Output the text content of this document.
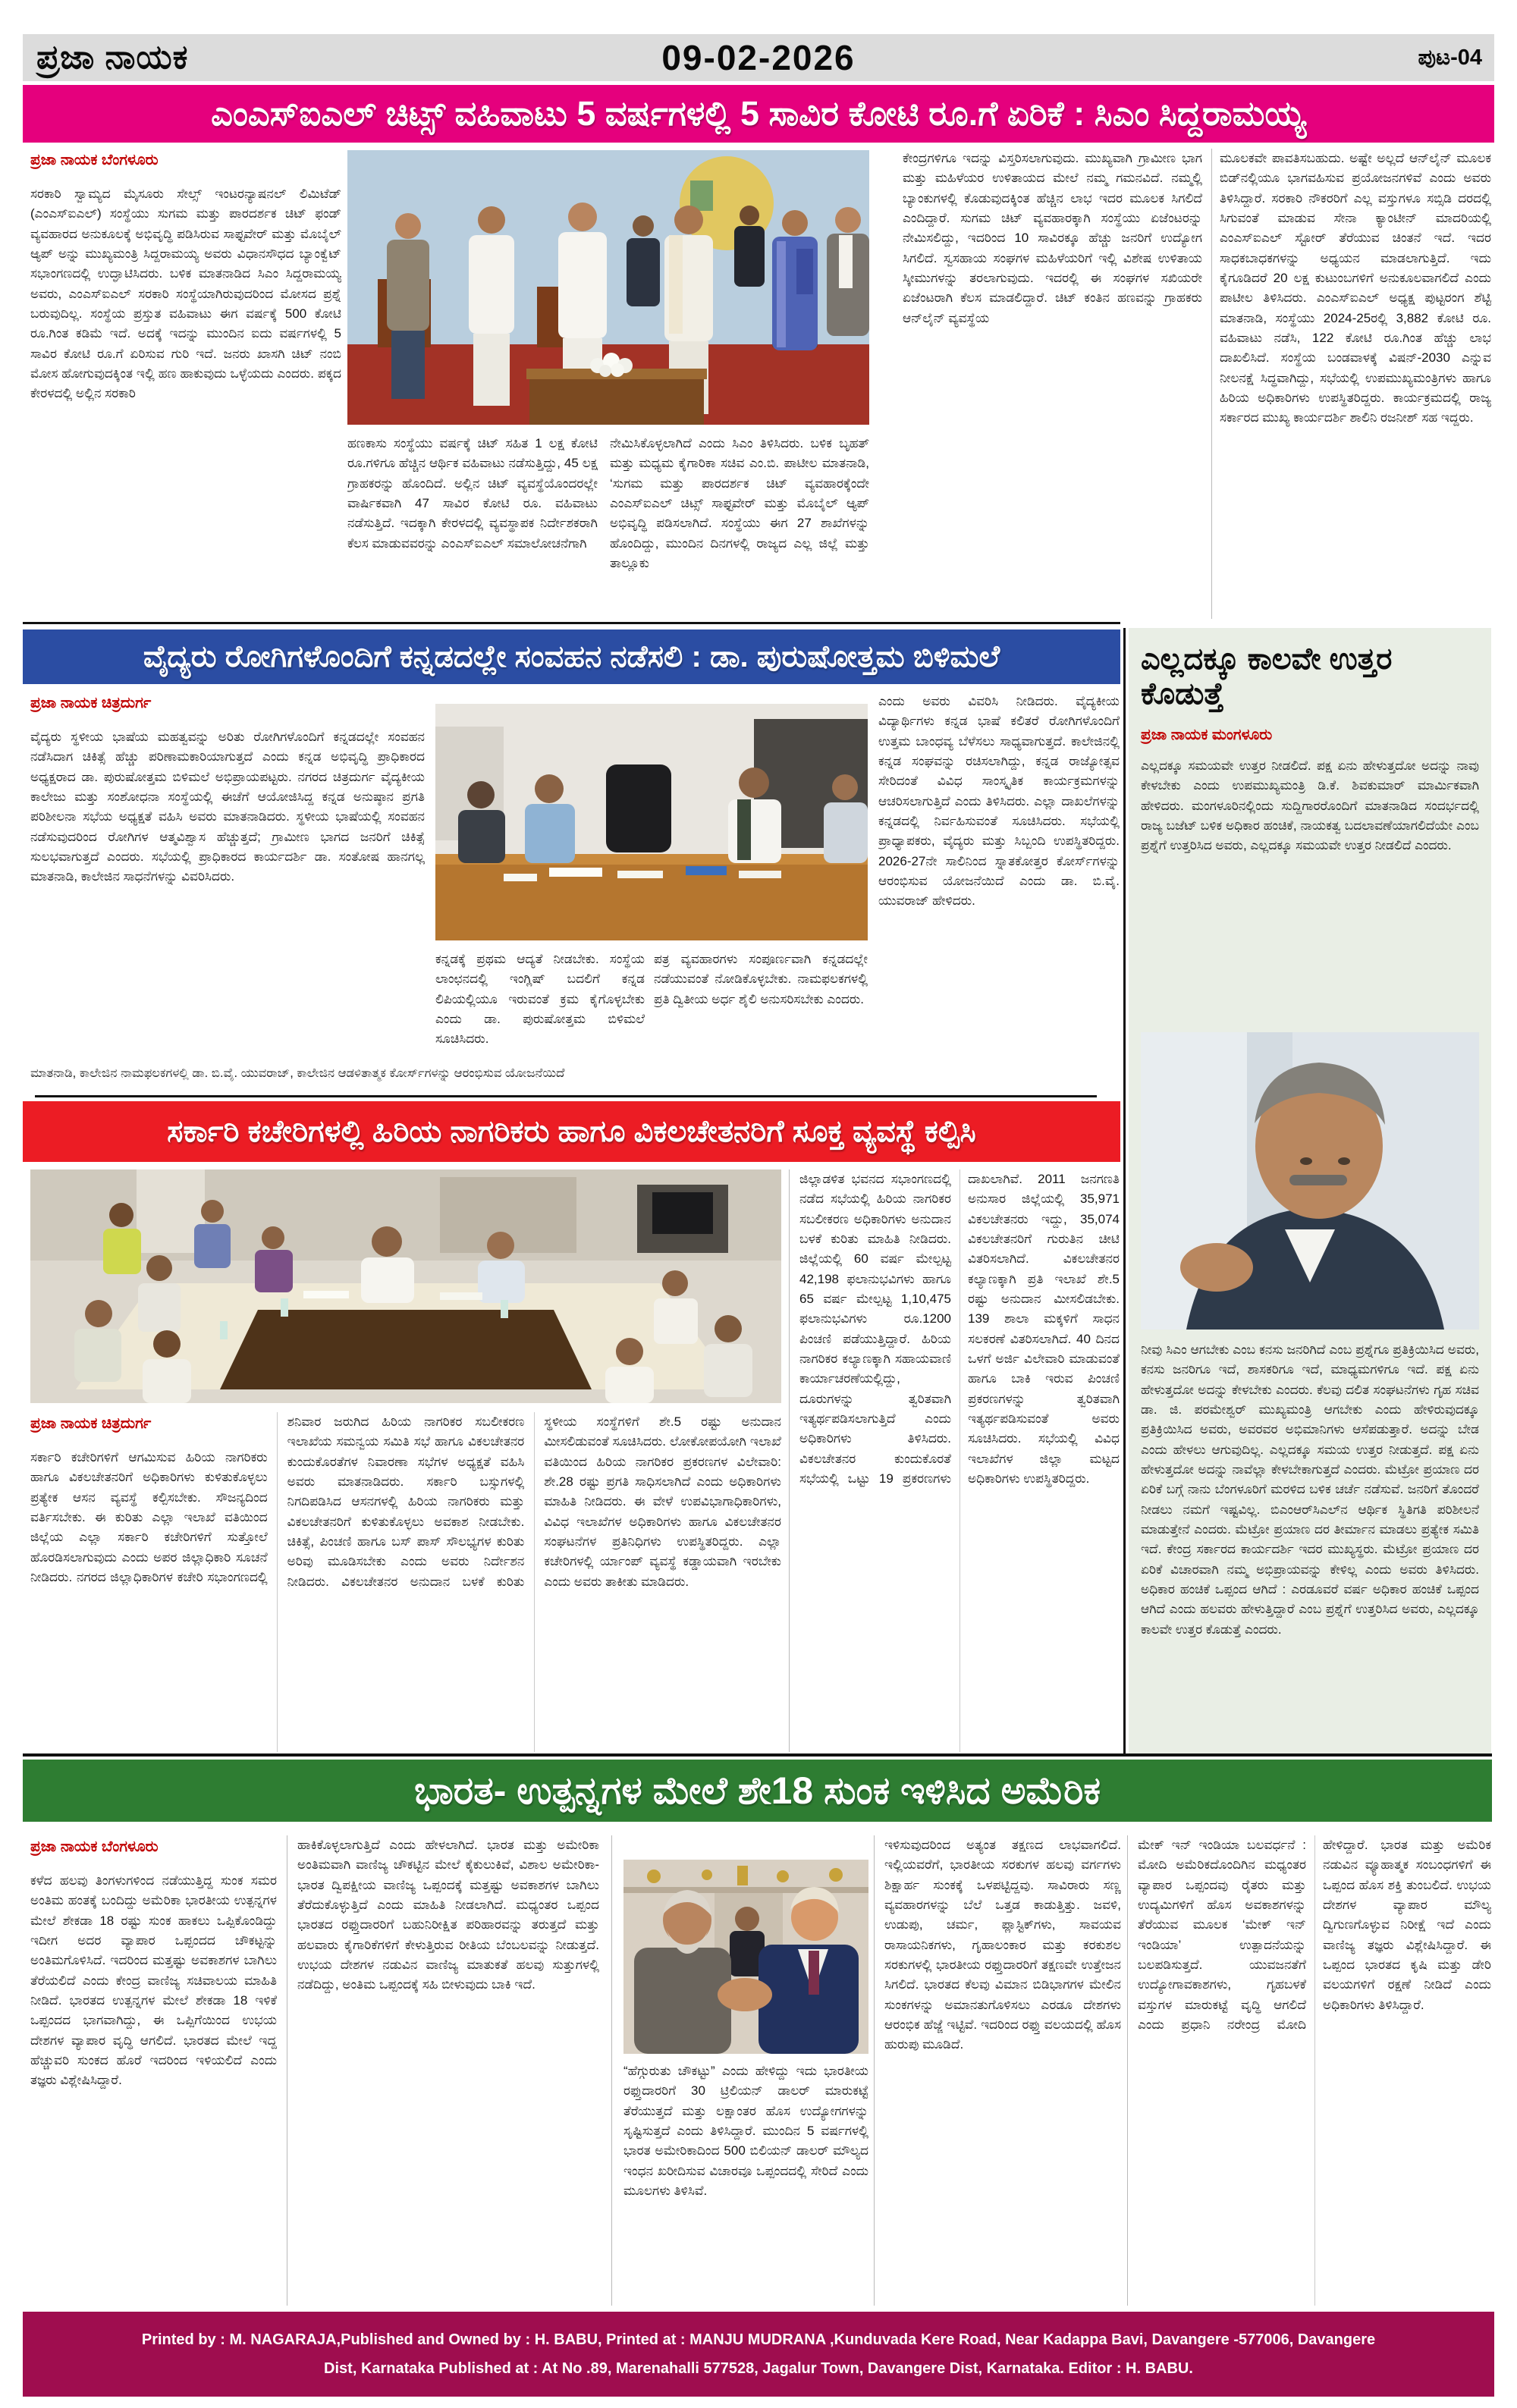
ಪ್ರಜಾ ನಾಯಕ	09-02-2026	ಪುಟ-04
ಎಂಎಸ್‌ಐಎಲ್ ಚಿಟ್ಸ್ ವಹಿವಾಟು 5 ವರ್ಷಗಳಲ್ಲಿ 5 ಸಾವಿರ ಕೋಟಿ ರೂ.ಗೆ ಏರಿಕೆ : ಸಿಎಂ ಸಿದ್ದರಾಮಯ್ಯ
ಪ್ರಜಾ ನಾಯಕ ಬೆಂಗಳೂರು
ಸರಕಾರಿ ಸ್ವಾಮ್ಯದ ಮೈಸೂರು ಸೇಲ್ಸ್ ಇಂಟರನ್ಯಾಷನಲ್ ಲಿಮಿಟೆಡ್ (ಎಂಎಸ್‌ಐಎಲ್) ಸಂಸ್ಥೆಯು ಸುಗಮ ಮತ್ತು ಪಾರದರ್ಶಕ ಚಿಟ್ ಫಂಡ್ ವ್ಯವಹಾರದ ಅನುಕೂಲಕ್ಕೆ ಅಭಿವೃದ್ಧಿ ಪಡಿಸಿರುವ ಸಾಫ್ಟವೇರ್ ಮತ್ತು ಮೊಬೈಲ್ ಆ್ಯಪ್ ಅನ್ನು ಮುಖ್ಯಮಂತ್ರಿ ಸಿದ್ದರಾಮಯ್ಯ ಅವರು ವಿಧಾನಸೌಧದ ಬ್ಯಾಂಕ್ವೆಟ್ ಸಭಾಂಗಣದಲ್ಲಿ ಉದ್ಘಾಟಿಸಿದರು. ಬಳಿಕ ಮಾತನಾಡಿದ ಸಿಎಂ ಸಿದ್ದರಾಮಯ್ಯ ಅವರು, ಎಂಎಸ್‌ಐಎಲ್ ಸರಕಾರಿ ಸಂಸ್ಥೆಯಾಗಿರುವುದರಿಂದ ಮೋಸದ ಪ್ರಶ್ನೆ ಬರುವುದಿಲ್ಲ. ಸಂಸ್ಥೆಯ ಪ್ರಸ್ತುತ ವಹಿವಾಟು ಈಗ ವರ್ಷಕ್ಕೆ 500 ಕೋಟಿ ರೂ.ಗಿಂತ ಕಡಿಮೆ ಇದೆ. ಅದಕ್ಕೆ ಇದನ್ನು ಮುಂದಿನ ಐದು ವರ್ಷಗಳಲ್ಲಿ 5 ಸಾವಿರ ಕೋಟಿ ರೂ.ಗೆ ಏರಿಸುವ ಗುರಿ ಇದೆ. ಜನರು ಖಾಸಗಿ ಚಿಟ್ ನಂಬಿ ಮೋಸ ಹೋಗುವುದಕ್ಕಿಂತ ಇಲ್ಲಿ ಹಣ ಹಾಕುವುದು ಒಳ್ಳೆಯದು ಎಂದರು. ಪಕ್ಕದ ಕೇರಳದಲ್ಲಿ ಅಲ್ಲಿನ ಸರಕಾರಿ
ಹಣಕಾಸು ಸಂಸ್ಥೆಯು ವರ್ಷಕ್ಕೆ ಚಿಟ್ ಸಹಿತ 1 ಲಕ್ಷ ಕೋಟಿ ರೂ.ಗಳಿಗೂ ಹೆಚ್ಚಿನ ಆರ್ಥಿಕ ವಹಿವಾಟು ನಡೆಸುತ್ತಿದ್ದು, 45 ಲಕ್ಷ ಗ್ರಾಹಕರನ್ನು ಹೊಂದಿದೆ. ಅಲ್ಲಿನ ಚಿಟ್ ವ್ಯವಸ್ಥೆಯೊಂದರಲ್ಲೇ ವಾರ್ಷಿಕವಾಗಿ 47 ಸಾವಿರ ಕೋಟಿ ರೂ. ವಹಿವಾಟು ನಡೆಸುತ್ತಿದೆ. ಇದಕ್ಕಾಗಿ ಕೇರಳದಲ್ಲಿ ವ್ಯವಸ್ಥಾಪಕ ನಿರ್ದೇಶಕರಾಗಿ ಕೆಲಸ ಮಾಡುವವರನ್ನು ಎಂಎಸ್‌ಐಎಲ್ ಸಮಾಲೋಚನೆಗಾಗಿ
ನೇಮಿಸಿಕೊಳ್ಳಲಾಗಿದೆ ಎಂದು ಸಿಎಂ ತಿಳಿಸಿದರು. ಬಳಿಕ ಬೃಹತ್ ಮತ್ತು ಮಧ್ಯಮ ಕೈಗಾರಿಕಾ ಸಚಿವ ಎಂ.ಬಿ. ಪಾಟೀಲ ಮಾತನಾಡಿ, ‘ಸುಗಮ ಮತ್ತು ಪಾರದರ್ಶಕ ಚಿಟ್ ವ್ಯವಹಾರಕ್ಕೆಂದೇ ಎಂಎಸ್‌ಐಎಲ್ ಚಿಟ್ಸ್ ಸಾಫ್ಟವೇರ್ ಮತ್ತು ಮೊಬೈಲ್ ಆ್ಯಪ್ ಅಭಿವೃದ್ಧಿ ಪಡಿಸಲಾಗಿದೆ. ಸಂಸ್ಥೆಯು ಈಗ 27 ಶಾಖೆಗಳನ್ನು ಹೊಂದಿದ್ದು, ಮುಂದಿನ ದಿನಗಳಲ್ಲಿ ರಾಜ್ಯದ ಎಲ್ಲ ಜಿಲ್ಲೆ ಮತ್ತು ತಾಲ್ಲೂಕು
ಕೇಂದ್ರಗಳಿಗೂ ಇದನ್ನು ವಿಸ್ತರಿಸಲಾಗುವುದು. ಮುಖ್ಯವಾಗಿ ಗ್ರಾಮೀಣ ಭಾಗ ಮತ್ತು ಮಹಿಳೆಯರ ಉಳಿತಾಯದ ಮೇಲೆ ನಮ್ಮ ಗಮನವಿದೆ. ನಮ್ಮಲ್ಲಿ ಬ್ಯಾಂಕುಗಳಲ್ಲಿ ಕೊಡುವುದಕ್ಕಿಂತ ಹೆಚ್ಚಿನ ಲಾಭ ಇದರ ಮೂಲಕ ಸಿಗಲಿದೆ ಎಂದಿದ್ದಾರೆ. ಸುಗಮ ಚಿಟ್ ವ್ಯವಹಾರಕ್ಕಾಗಿ ಸಂಸ್ಥೆಯು ಏಜೆಂಟರನ್ನು ನೇಮಿಸಲಿದ್ದು, ಇದರಿಂದ 10 ಸಾವಿರಕ್ಕೂ ಹೆಚ್ಚು ಜನರಿಗೆ ಉದ್ಯೋಗ ಸಿಗಲಿದೆ. ಸ್ವಸಹಾಯ ಸಂಘಗಳ ಮಹಿಳೆಯರಿಗೆ ಇಲ್ಲಿ ವಿಶೇಷ ಉಳಿತಾಯ ಸ್ಕೀಮುಗಳನ್ನು ತರಲಾಗುವುದು. ಇದರಲ್ಲಿ ಈ ಸಂಘಗಳ ಸಖಿಯರೇ ಏಜೆಂಟರಾಗಿ ಕೆಲಸ ಮಾಡಲಿದ್ದಾರೆ. ಚಿಟ್ ಕಂತಿನ ಹಣವನ್ನು ಗ್ರಾಹಕರು ಆನ್‌ಲೈನ್ ವ್ಯವಸ್ಥೆಯ
ಮೂಲಕವೇ ಪಾವತಿಸಬಹುದು. ಅಷ್ಟೇ ಅಲ್ಲದೆ ಆನ್‌ಲೈನ್ ಮೂಲಕ ಬಿಡ್‌ನಲ್ಲಿಯೂ ಭಾಗವಹಿಸುವ ಪ್ರಯೋಜನಗಳಿವೆ ಎಂದು ಅವರು ತಿಳಿಸಿದ್ದಾರೆ. ಸರಕಾರಿ ನೌಕರರಿಗೆ ಎಲ್ಲ ವಸ್ತುಗಳೂ ಸಬ್ಸಿಡಿ ದರದಲ್ಲಿ ಸಿಗುವಂತೆ ಮಾಡುವ ಸೇನಾ ಕ್ಯಾಂಟೀನ್ ಮಾದರಿಯಲ್ಲಿ ಎಂಎಸ್‌ಐಎಲ್ ಸ್ಟೋರ್ ತೆರೆಯುವ ಚಿಂತನೆ ಇದೆ. ಇದರ ಸಾಧಕಬಾಧಕಗಳನ್ನು ಅಧ್ಯಯನ ಮಾಡಲಾಗುತ್ತಿದೆ. ಇದು ಕೈಗೂಡಿದರೆ 20 ಲಕ್ಷ ಕುಟುಂಬಗಳಿಗೆ ಅನುಕೂಲವಾಗಲಿದೆ ಎಂದು ಪಾಟೀಲ ತಿಳಿಸಿದರು. ಎಂಎಸ್‌ಐಎಲ್ ಅಧ್ಯಕ್ಷ ಪುಟ್ಟರಂಗ ಶೆಟ್ಟಿ ಮಾತನಾಡಿ, ಸಂಸ್ಥೆಯು 2024-25ರಲ್ಲಿ 3,882 ಕೋಟಿ ರೂ. ವಹಿವಾಟು ನಡೆಸಿ, 122 ಕೋಟಿ ರೂ.ಗಿಂತ ಹೆಚ್ಚು ಲಾಭ ದಾಖಲಿಸಿದೆ. ಸಂಸ್ಥೆಯ ಬಂಡವಾಳಕ್ಕೆ ವಿಷನ್-2030 ಎನ್ನುವ ನೀಲನಕ್ಷೆ ಸಿದ್ಧವಾಗಿದ್ದು, ಸಭೆಯಲ್ಲಿ ಉಪಮುಖ್ಯಮಂತ್ರಿಗಳು ಹಾಗೂ ಹಿರಿಯ ಅಧಿಕಾರಿಗಳು ಉಪಸ್ಥಿತರಿದ್ದರು. ಕಾರ್ಯಕ್ರಮದಲ್ಲಿ ರಾಜ್ಯ ಸರ್ಕಾರದ ಮುಖ್ಯ ಕಾರ್ಯದರ್ಶಿ ಶಾಲಿನಿ ರಜನೀಶ್ ಸಹ ಇದ್ದರು.
ವೈದ್ಯರು ರೋಗಿಗಳೊಂದಿಗೆ ಕನ್ನಡದಲ್ಲೇ ಸಂವಹನ ನಡೆಸಲಿ : ಡಾ. ಪುರುಷೋತ್ತಮ ಬಿಳಿಮಲೆ
ಪ್ರಜಾ ನಾಯಕ ಚಿತ್ರದುರ್ಗ
ವೈದ್ಯರು ಸ್ಥಳೀಯ ಭಾಷೆಯ ಮಹತ್ವವನ್ನು ಅರಿತು ರೋಗಿಗಳೊಂದಿಗೆ ಕನ್ನಡದಲ್ಲೇ ಸಂವಹನ ನಡೆಸಿದಾಗ ಚಿಕಿತ್ಸೆ ಹೆಚ್ಚು ಪರಿಣಾಮಕಾರಿಯಾಗುತ್ತದೆ ಎಂದು ಕನ್ನಡ ಅಭಿವೃದ್ಧಿ ಪ್ರಾಧಿಕಾರದ ಅಧ್ಯಕ್ಷರಾದ ಡಾ. ಪುರುಷೋತ್ತಮ ಬಿಳಿಮಲೆ ಅಭಿಪ್ರಾಯಪಟ್ಟರು. ನಗರದ ಚಿತ್ರದುರ್ಗ ವೈದ್ಯಕೀಯ ಕಾಲೇಜು ಮತ್ತು ಸಂಶೋಧನಾ ಸಂಸ್ಥೆಯಲ್ಲಿ ಈಚೆಗೆ ಆಯೋಜಿಸಿದ್ದ ಕನ್ನಡ ಅನುಷ್ಠಾನ ಪ್ರಗತಿ ಪರಿಶೀಲನಾ ಸಭೆಯ ಅಧ್ಯಕ್ಷತೆ ವಹಿಸಿ ಅವರು ಮಾತನಾಡಿದರು. ಸ್ಥಳೀಯ ಭಾಷೆಯಲ್ಲಿ ಸಂವಹನ ನಡೆಸುವುದರಿಂದ ರೋಗಿಗಳ ಆತ್ಮವಿಶ್ವಾಸ ಹೆಚ್ಚುತ್ತದೆ; ಗ್ರಾಮೀಣ ಭಾಗದ ಜನರಿಗೆ ಚಿಕಿತ್ಸೆ ಸುಲಭವಾಗುತ್ತದೆ ಎಂದರು. ಸಭೆಯಲ್ಲಿ ಪ್ರಾಧಿಕಾರದ ಕಾರ್ಯದರ್ಶಿ ಡಾ. ಸಂತೋಷ ಹಾನಗಲ್ಲ ಮಾತನಾಡಿ, ಕಾಲೇಜಿನ ಸಾಧನೆಗಳನ್ನು ವಿವರಿಸಿದರು.
ಕನ್ನಡಕ್ಕೆ ಪ್ರಥಮ ಆದ್ಯತೆ ನೀಡಬೇಕು. ಸಂಸ್ಥೆಯ ಲಾಂಛನದಲ್ಲಿ ಇಂಗ್ಲಿಷ್ ಬದಲಿಗೆ ಕನ್ನಡ ಲಿಪಿಯಲ್ಲಿಯೂ ಇರುವಂತೆ ಕ್ರಮ ಕೈಗೊಳ್ಳಬೇಕು ಎಂದು ಡಾ. ಪುರುಷೋತ್ತಮ ಬಿಳಿಮಲೆ ಸೂಚಿಸಿದರು.
ಪತ್ರ ವ್ಯವಹಾರಗಳು ಸಂಪೂರ್ಣವಾಗಿ ಕನ್ನಡದಲ್ಲೇ ನಡೆಯುವಂತೆ ನೋಡಿಕೊಳ್ಳಬೇಕು. ನಾಮಫಲಕಗಳಲ್ಲಿ ಪ್ರತಿ ದ್ವಿತೀಯ ಅರ್ಧ ಶೈಲಿ ಅನುಸರಿಸಬೇಕು ಎಂದರು.
ಎಂದು ಅವರು ವಿವರಿಸಿ ನೀಡಿದರು. ವೈದ್ಯಕೀಯ ವಿದ್ಯಾರ್ಥಿಗಳು ಕನ್ನಡ ಭಾಷೆ ಕಲಿತರೆ ರೋಗಿಗಳೊಂದಿಗೆ ಉತ್ತಮ ಬಾಂಧವ್ಯ ಬೆಳೆಸಲು ಸಾಧ್ಯವಾಗುತ್ತದೆ. ಕಾಲೇಜಿನಲ್ಲಿ ಕನ್ನಡ ಸಂಘವನ್ನು ರಚಿಸಲಾಗಿದ್ದು, ಕನ್ನಡ ರಾಜ್ಯೋತ್ಸವ ಸೇರಿದಂತೆ ವಿವಿಧ ಸಾಂಸ್ಕೃತಿಕ ಕಾರ್ಯಕ್ರಮಗಳನ್ನು ಆಚರಿಸಲಾಗುತ್ತಿದೆ ಎಂದು ತಿಳಿಸಿದರು. ಎಲ್ಲಾ ದಾಖಲೆಗಳನ್ನು ಕನ್ನಡದಲ್ಲಿ ನಿರ್ವಹಿಸುವಂತೆ ಸೂಚಿಸಿದರು. ಸಭೆಯಲ್ಲಿ ಪ್ರಾಧ್ಯಾಪಕರು, ವೈದ್ಯರು ಮತ್ತು ಸಿಬ್ಬಂದಿ ಉಪಸ್ಥಿತರಿದ್ದರು. 2026-27ನೇ ಸಾಲಿನಿಂದ ಸ್ನಾತಕೋತ್ತರ ಕೋರ್ಸ್‌ಗಳನ್ನು ಆರಂಭಿಸುವ ಯೋಜನೆಯಿದೆ ಎಂದು ಡಾ. ಬಿ.ವೈ. ಯುವರಾಜ್ ಹೇಳಿದರು.
ಮಾತನಾಡಿ, ಕಾಲೇಜಿನ ನಾಮಫಲಕಗಳಲ್ಲಿ ಡಾ. ಬಿ.ವೈ. ಯುವರಾಜ್, ಕಾಲೇಜಿನ ಆಡಳಿತಾತ್ಮಕ ಕೋರ್ಸ್‌ಗಳನ್ನು ಆರಂಭಿಸುವ ಯೋಜನೆಯಿದೆ
ಸರ್ಕಾರಿ ಕಚೇರಿಗಳಲ್ಲಿ ಹಿರಿಯ ನಾಗರಿಕರು ಹಾಗೂ ವಿಕಲಚೇತನರಿಗೆ ಸೂಕ್ತ ವ್ಯವಸ್ಥೆ ಕಲ್ಪಿಸಿ
ಪ್ರಜಾ ನಾಯಕ ಚಿತ್ರದುರ್ಗ
ಸರ್ಕಾರಿ ಕಚೇರಿಗಳಿಗೆ ಆಗಮಿಸುವ ಹಿರಿಯ ನಾಗರಿಕರು ಹಾಗೂ ವಿಕಲಚೇತನರಿಗೆ ಅಧಿಕಾರಿಗಳು ಕುಳಿತುಕೊಳ್ಳಲು ಪ್ರತ್ಯೇಕ ಆಸನ ವ್ಯವಸ್ಥೆ ಕಲ್ಪಿಸಬೇಕು. ಸೌಜನ್ಯದಿಂದ ವರ್ತಿಸಬೇಕು. ಈ ಕುರಿತು ಎಲ್ಲಾ ಇಲಾಖೆ ವತಿಯಿಂದ ಜಿಲ್ಲೆಯ ಎಲ್ಲಾ ಸರ್ಕಾರಿ ಕಚೇರಿಗಳಿಗೆ ಸುತ್ತೋಲೆ ಹೊರಡಿಸಲಾಗುವುದು ಎಂದು ಅಪರ ಜಿಲ್ಲಾಧಿಕಾರಿ ಸೂಚನೆ ನೀಡಿದರು. ನಗರದ ಜಿಲ್ಲಾಧಿಕಾರಿಗಳ ಕಚೇರಿ ಸಭಾಂಗಣದಲ್ಲಿ ಶನಿವಾರ ಜರುಗಿದ ಹಿರಿಯ ನಾಗರಿಕರ ಸಬಲೀಕರಣ ಇಲಾಖೆಯ ಸಮನ್ವಯ ಸಮಿತಿ ಸಭೆ ಹಾಗೂ ವಿಕಲಚೇತನರ ಕುಂದುಕೊರತೆಗಳ ನಿವಾರಣಾ ಸಭೆಗಳ ಅಧ್ಯಕ್ಷತೆ ವಹಿಸಿ ಅವರು ಮಾತನಾಡಿದರು. ಸರ್ಕಾರಿ ಬಸ್ಸುಗಳಲ್ಲಿ ನಿಗದಿಪಡಿಸಿದ ಆಸನಗಳಲ್ಲಿ ಹಿರಿಯ ನಾಗರಿಕರು ಮತ್ತು ವಿಕಲಚೇತನರಿಗೆ ಕುಳಿತುಕೊಳ್ಳಲು ಅವಕಾಶ ನೀಡಬೇಕು. ಚಿಕಿತ್ಸೆ, ಪಿಂಚಣಿ ಹಾಗೂ ಬಸ್ ಪಾಸ್ ಸೌಲಭ್ಯಗಳ ಕುರಿತು ಅರಿವು ಮೂಡಿಸಬೇಕು ಎಂದು ಅವರು ನಿರ್ದೇಶನ ನೀಡಿದರು. ವಿಕಲಚೇತನರ ಅನುದಾನ ಬಳಕೆ ಕುರಿತು ಸ್ಥಳೀಯ ಸಂಸ್ಥೆಗಳಿಗೆ ಶೇ.5 ರಷ್ಟು ಅನುದಾನ ಮೀಸಲಿಡುವಂತೆ ಸೂಚಿಸಿದರು. ಲೋಕೋಪಯೋಗಿ ಇಲಾಖೆ ವತಿಯಿಂದ ಹಿರಿಯ ನಾಗರಿಕರ ಪ್ರಕರಣಗಳ ವಿಲೇವಾರಿ: ಶೇ.28 ರಷ್ಟು ಪ್ರಗತಿ ಸಾಧಿಸಲಾಗಿದೆ ಎಂದು ಅಧಿಕಾರಿಗಳು ಮಾಹಿತಿ ನೀಡಿದರು. ಈ ವೇಳೆ ಉಪವಿಭಾಗಾಧಿಕಾರಿಗಳು, ವಿವಿಧ ಇಲಾಖೆಗಳ ಅಧಿಕಾರಿಗಳು ಹಾಗೂ ವಿಕಲಚೇತನರ ಸಂಘಟನೆಗಳ ಪ್ರತಿನಿಧಿಗಳು ಉಪಸ್ಥಿತರಿದ್ದರು. ಎಲ್ಲಾ ಕಚೇರಿಗಳಲ್ಲಿ ರ್ಯಾಂಪ್ ವ್ಯವಸ್ಥೆ ಕಡ್ಡಾಯವಾಗಿ ಇರಬೇಕು ಎಂದು ಅವರು ತಾಕೀತು ಮಾಡಿದರು.
ಜಿಲ್ಲಾಡಳಿತ ಭವನದ ಸಭಾಂಗಣದಲ್ಲಿ ನಡೆದ ಸಭೆಯಲ್ಲಿ ಹಿರಿಯ ನಾಗರಿಕರ ಸಬಲೀಕರಣ ಅಧಿಕಾರಿಗಳು ಅನುದಾನ ಬಳಕೆ ಕುರಿತು ಮಾಹಿತಿ ನೀಡಿದರು. ಜಿಲ್ಲೆಯಲ್ಲಿ 60 ವರ್ಷ ಮೇಲ್ಪಟ್ಟ 42,198 ಫಲಾನುಭವಿಗಳು ಹಾಗೂ 65 ವರ್ಷ ಮೇಲ್ಪಟ್ಟ 1,10,475 ಫಲಾನುಭವಿಗಳು ರೂ.1200 ಪಿಂಚಣಿ ಪಡೆಯುತ್ತಿದ್ದಾರೆ. ಹಿರಿಯ ನಾಗರಿಕರ ಕಲ್ಯಾಣಕ್ಕಾಗಿ ಸಹಾಯವಾಣಿ ಕಾರ್ಯಾಚರಣೆಯಲ್ಲಿದ್ದು, ದೂರುಗಳನ್ನು ತ್ವರಿತವಾಗಿ ಇತ್ಯರ್ಥಪಡಿಸಲಾಗುತ್ತಿದೆ ಎಂದು ಅಧಿಕಾರಿಗಳು ತಿಳಿಸಿದರು. ವಿಕಲಚೇತನರ ಕುಂದುಕೊರತೆ ಸಭೆಯಲ್ಲಿ ಒಟ್ಟು 19 ಪ್ರಕರಣಗಳು ದಾಖಲಾಗಿವೆ. 2011 ಜನಗಣತಿ ಅನುಸಾರ ಜಿಲ್ಲೆಯಲ್ಲಿ 35,971 ವಿಕಲಚೇತನರು ಇದ್ದು, 35,074 ವಿಕಲಚೇತನರಿಗೆ ಗುರುತಿನ ಚೀಟಿ ವಿತರಿಸಲಾಗಿದೆ. ವಿಕಲಚೇತನರ ಕಲ್ಯಾಣಕ್ಕಾಗಿ ಪ್ರತಿ ಇಲಾಖೆ ಶೇ.5 ರಷ್ಟು ಅನುದಾನ ಮೀಸಲಿಡಬೇಕು. 139 ಶಾಲಾ ಮಕ್ಕಳಿಗೆ ಸಾಧನ ಸಲಕರಣೆ ವಿತರಿಸಲಾಗಿದೆ. 40 ದಿನದ ಒಳಗೆ ಅರ್ಜಿ ವಿಲೇವಾರಿ ಮಾಡುವಂತೆ ಹಾಗೂ ಬಾಕಿ ಇರುವ ಪಿಂಚಣಿ ಪ್ರಕರಣಗಳನ್ನು ತ್ವರಿತವಾಗಿ ಇತ್ಯರ್ಥಪಡಿಸುವಂತೆ ಅವರು ಸೂಚಿಸಿದರು. ಸಭೆಯಲ್ಲಿ ವಿವಿಧ ಇಲಾಖೆಗಳ ಜಿಲ್ಲಾ ಮಟ್ಟದ ಅಧಿಕಾರಿಗಳು ಉಪಸ್ಥಿತರಿದ್ದರು.
ಎಲ್ಲದಕ್ಕೂ ಕಾಲವೇ ಉತ್ತರ ಕೊಡುತ್ತೆ
ಪ್ರಜಾ ನಾಯಕ ಮಂಗಳೂರು

ಎಲ್ಲದಕ್ಕೂ ಸಮಯವೇ ಉತ್ತರ ನೀಡಲಿದೆ. ಪಕ್ಷ ಏನು ಹೇಳುತ್ತದೋ ಅದನ್ನು ನಾವು ಕೇಳಬೇಕು ಎಂದು ಉಪಮುಖ್ಯಮಂತ್ರಿ ಡಿ.ಕೆ. ಶಿವಕುಮಾರ್ ಮಾರ್ಮಿಕವಾಗಿ ಹೇಳಿದರು. ಮಂಗಳೂರಿನಲ್ಲಿಂದು ಸುದ್ದಿಗಾರರೊಂದಿಗೆ ಮಾತನಾಡಿದ ಸಂದರ್ಭದಲ್ಲಿ ರಾಜ್ಯ ಬಜೆಟ್ ಬಳಿಕ ಅಧಿಕಾರ ಹಂಚಿಕೆ, ನಾಯಕತ್ವ ಬದಲಾವಣೆಯಾಗಲಿದೆಯೇ ಎಂಬ ಪ್ರಶ್ನೆಗೆ ಉತ್ತರಿಸಿದ ಅವರು, ಎಲ್ಲದಕ್ಕೂ ಸಮಯವೇ ಉತ್ತರ ನೀಡಲಿದೆ ಎಂದರು.

ನೀವು ಸಿಎಂ ಆಗಬೇಕು ಎಂಬ ಕನಸು ಜನರಿಗಿದೆ ಎಂಬ ಪ್ರಶ್ನೆಗೂ ಪ್ರತಿಕ್ರಿಯಿಸಿದ ಅವರು, ಕನಸು ಜನರಿಗೂ ಇದೆ, ಶಾಸಕರಿಗೂ ಇದೆ, ಮಾಧ್ಯಮಗಳಿಗೂ ಇದೆ. ಪಕ್ಷ ಏನು ಹೇಳುತ್ತದೋ ಅದನ್ನು ಕೇಳಬೇಕು ಎಂದರು. ಕೆಲವು ದಲಿತ ಸಂಘಟನೆಗಳು ಗೃಹ ಸಚಿವ ಡಾ. ಜಿ. ಪರಮೇಶ್ವರ್ ಮುಖ್ಯಮಂತ್ರಿ ಆಗಬೇಕು ಎಂದು ಹೇಳಿರುವುದಕ್ಕೂ ಪ್ರತಿಕ್ರಿಯಿಸಿದ ಅವರು, ಅವರವರ ಅಭಿಮಾನಿಗಳು ಆಸೆಪಡುತ್ತಾರೆ. ಅದನ್ನು ಬೇಡ ಎಂದು ಹೇಳಲು ಆಗುವುದಿಲ್ಲ. ಎಲ್ಲದಕ್ಕೂ ಸಮಯ ಉತ್ತರ ನೀಡುತ್ತದೆ. ಪಕ್ಷ ಏನು ಹೇಳುತ್ತದೋ ಅದನ್ನು ನಾವೆಲ್ಲಾ ಕೇಳಬೇಕಾಗುತ್ತದೆ ಎಂದರು. ಮೆಟ್ರೋ ಪ್ರಯಾಣ ದರ ಏರಿಕೆ ಬಗ್ಗೆ ನಾನು ಬೆಂಗಳೂರಿಗೆ ಮರಳಿದ ಬಳಿಕ ಚರ್ಚೆ ನಡೆಸುವೆ. ಜನರಿಗೆ ತೊಂದರೆ ನೀಡಲು ನಮಗೆ ಇಷ್ಟವಿಲ್ಲ. ಬಿಎಂಆರ್‌ಸಿಎಲ್‌ನ ಆರ್ಥಿಕ ಸ್ಥಿತಿಗತಿ ಪರಿಶೀಲನೆ ಮಾಡುತ್ತೇನೆ ಎಂದರು. ಮೆಟ್ರೋ ಪ್ರಯಾಣ ದರ ತೀರ್ಮಾನ ಮಾಡಲು ಪ್ರತ್ಯೇಕ ಸಮಿತಿ ಇದೆ. ಕೇಂದ್ರ ಸರ್ಕಾರದ ಕಾರ್ಯದರ್ಶಿ ಇದರ ಮುಖ್ಯಸ್ಥರು. ಮೆಟ್ರೋ ಪ್ರಯಾಣ ದರ ಏರಿಕೆ ವಿಚಾರವಾಗಿ ನಮ್ಮ ಅಭಿಪ್ರಾಯವನ್ನು ಕೇಳಿಲ್ಲ ಎಂದು ಅವರು ತಿಳಿಸಿದರು. ಅಧಿಕಾರ ಹಂಚಿಕೆ ಒಪ್ಪಂದ ಆಗಿದೆ : ಎರಡೂವರೆ ವರ್ಷ ಅಧಿಕಾರ ಹಂಚಿಕೆ ಒಪ್ಪಂದ ಆಗಿದೆ ಎಂದು ಹಲವರು ಹೇಳುತ್ತಿದ್ದಾರೆ ಎಂಬ ಪ್ರಶ್ನೆಗೆ ಉತ್ತರಿಸಿದ ಅವರು, ಎಲ್ಲದಕ್ಕೂ ಕಾಲವೇ ಉತ್ತರ ಕೊಡುತ್ತೆ ಎಂದರು.

ಭಾರತ- ಉತ್ಪನ್ನಗಳ ಮೇಲೆ ಶೇ18 ಸುಂಕ ಇಳಿಸಿದ ಅಮೆರಿಕ
ಪ್ರಜಾ ನಾಯಕ ಬೆಂಗಳೂರು
ಕಳೆದ ಹಲವು ತಿಂಗಳುಗಳಿಂದ ನಡೆಯುತ್ತಿದ್ದ ಸುಂಕ ಸಮರ ಅಂತಿಮ ಹಂತಕ್ಕೆ ಬಂದಿದ್ದು ಅಮೆರಿಕಾ ಭಾರತೀಯ ಉತ್ಪನ್ನಗಳ ಮೇಲೆ ಶೇಕಡಾ 18 ರಷ್ಟು ಸುಂಕ ಹಾಕಲು ಒಪ್ಪಿಕೊಂಡಿದ್ದು ಇದೀಗ ಅದರ ವ್ಯಾಪಾರ ಒಪ್ಪಂದದ ಚೌಕಟ್ಟನ್ನು ಅಂತಿಮಗೊಳಿಸಿದೆ. ಇದರಿಂದ ಮತ್ತಷ್ಟು ಅವಕಾಶಗಳ ಬಾಗಿಲು ತೆರೆಯಲಿದೆ ಎಂದು ಕೇಂದ್ರ ವಾಣಿಜ್ಯ ಸಚಿವಾಲಯ ಮಾಹಿತಿ ನೀಡಿದೆ. ಭಾರತದ ಉತ್ಪನ್ನಗಳ ಮೇಲೆ ಶೇಕಡಾ 18 ಇಳಿಕೆ ಒಪ್ಪಂದದ ಭಾಗವಾಗಿದ್ದು, ಈ ಒಪ್ಪಿಗೆಯಿಂದ ಉಭಯ ದೇಶಗಳ ವ್ಯಾಪಾರ ವೃದ್ಧಿ ಆಗಲಿದೆ. ಭಾರತದ ಮೇಲೆ ಇದ್ದ ಹೆಚ್ಚುವರಿ ಸುಂಕದ ಹೊರೆ ಇದರಿಂದ ಇಳಿಯಲಿದೆ ಎಂದು ತಜ್ಞರು ವಿಶ್ಲೇಷಿಸಿದ್ದಾರೆ.
ಹಾಕಿಕೊಳ್ಳಲಾಗುತ್ತಿದೆ ಎಂದು ಹೇಳಲಾಗಿದೆ. ಭಾರತ ಮತ್ತು ಅಮೇರಿಕಾ ಅಂತಿಮವಾಗಿ ವಾಣಿಜ್ಯ ಚೌಕಟ್ಟಿನ ಮೇಲೆ ಕೈಕುಲುಕಿವೆ, ವಿಶಾಲ ಅಮೇರಿಕಾ-ಭಾರತ ದ್ವಿಪಕ್ಷೀಯ ವಾಣಿಜ್ಯ ಒಪ್ಪಂದಕ್ಕೆ ಮತ್ತಷ್ಟು ಅವಕಾಶಗಳ ಬಾಗಿಲು ತೆರೆದುಕೊಳ್ಳುತ್ತಿದೆ ಎಂದು ಮಾಹಿತಿ ನೀಡಲಾಗಿದೆ. ಮಧ್ಯಂತರ ಒಪ್ಪಂದ ಭಾರತದ ರಫ್ತುದಾರರಿಗೆ ಬಹುನಿರೀಕ್ಷಿತ ಪರಿಹಾರವನ್ನು ತರುತ್ತದೆ ಮತ್ತು ಹಲವಾರು ಕೈಗಾರಿಕೆಗಳಿಗೆ ಕೇಳುತ್ತಿರುವ ರೀತಿಯ ಬೆಂಬಲವನ್ನು ನೀಡುತ್ತದೆ. ಉಭಯ ದೇಶಗಳ ನಡುವಿನ ವಾಣಿಜ್ಯ ಮಾತುಕತೆ ಹಲವು ಸುತ್ತುಗಳಲ್ಲಿ ನಡೆದಿದ್ದು, ಅಂತಿಮ ಒಪ್ಪಂದಕ್ಕೆ ಸಹಿ ಬೀಳುವುದು ಬಾಕಿ ಇದೆ.
“ಹೆಗ್ಗುರುತು ಚೌಕಟ್ಟು” ಎಂದು ಹೇಳಿದ್ದು ಇದು ಭಾರತೀಯ ರಫ್ತುದಾರರಿಗೆ 30 ಟ್ರಿಲಿಯನ್ ಡಾಲರ್ ಮಾರುಕಟ್ಟೆ ತೆರೆಯುತ್ತದೆ ಮತ್ತು ಲಕ್ಷಾಂತರ ಹೊಸ ಉದ್ಯೋಗಗಳನ್ನು ಸೃಷ್ಟಿಸುತ್ತದೆ ಎಂದು ತಿಳಿಸಿದ್ದಾರೆ. ಮುಂದಿನ 5 ವರ್ಷಗಳಲ್ಲಿ ಭಾರತ ಅಮೇರಿಕಾದಿಂದ 500 ಬಿಲಿಯನ್ ಡಾಲರ್ ಮೌಲ್ಯದ ಇಂಧನ ಖರೀದಿಸುವ ವಿಚಾರವೂ ಒಪ್ಪಂದದಲ್ಲಿ ಸೇರಿದೆ ಎಂದು ಮೂಲಗಳು ತಿಳಿಸಿವೆ.
ಇಳಿಸುವುದರಿಂದ ಅತ್ಯಂತ ತಕ್ಷಣದ ಲಾಭವಾಗಲಿದೆ. ಇಲ್ಲಿಯವರೆಗೆ, ಭಾರತೀಯ ಸರಕುಗಳ ಹಲವು ವರ್ಗಗಳು ಶಿಕ್ಷಾರ್ಹ ಸುಂಕಕ್ಕೆ ಒಳಪಟ್ಟಿದ್ದವು. ಸಾವಿರಾರು ಸಣ್ಣ ವ್ಯವಹಾರಗಳನ್ನು ಬೆಲೆ ಒತ್ತಡ ಕಾಡುತ್ತಿತ್ತು. ಜವಳಿ, ಉಡುಪು, ಚರ್ಮ, ಪ್ಲಾಸ್ಟಿಕ್‌ಗಳು, ಸಾವಯವ ರಾಸಾಯನಿಕಗಳು, ಗೃಹಾಲಂಕಾರ ಮತ್ತು ಕರಕುಶಲ ಸರಕುಗಳಲ್ಲಿ ಭಾರತೀಯ ರಫ್ತುದಾರರಿಗೆ ತಕ್ಷಣವೇ ಉತ್ತೇಜನ ಸಿಗಲಿದೆ. ಭಾರತದ ಕೆಲವು ವಿಮಾನ ಬಿಡಿಭಾಗಗಳ ಮೇಲಿನ ಸುಂಕಗಳನ್ನು ಅಮಾನತುಗೊಳಿಸಲು ಎರಡೂ ದೇಶಗಳು ಆರಂಭಿಕ ಹೆಜ್ಜೆ ಇಟ್ಟಿವೆ. ಇದರಿಂದ ರಫ್ತು ವಲಯದಲ್ಲಿ ಹೊಸ ಹುರುಪು ಮೂಡಿದೆ.
ಮೇಕ್ ಇನ್ ಇಂಡಿಯಾ ಬಲವರ್ಧನೆ : ಮೋದಿ ಅಮೆರಿಕದೊಂದಿಗಿನ ಮಧ್ಯಂತರ ವ್ಯಾಪಾರ ಒಪ್ಪಂದವು ರೈತರು ಮತ್ತು ಉದ್ಯಮಿಗಳಿಗೆ ಹೊಸ ಅವಕಾಶಗಳನ್ನು ತೆರೆಯುವ ಮೂಲಕ ‘ಮೇಕ್ ಇನ್ ಇಂಡಿಯಾ’ ಉತ್ಪಾದನೆಯನ್ನು ಬಲಪಡಿಸುತ್ತದೆ. ಯುವಜನತೆಗೆ ಉದ್ಯೋಗಾವಕಾಶಗಳು, ಗೃಹಬಳಕೆ ವಸ್ತುಗಳ ಮಾರುಕಟ್ಟೆ ವೃದ್ಧಿ ಆಗಲಿದೆ ಎಂದು ಪ್ರಧಾನಿ ನರೇಂದ್ರ ಮೋದಿ ಹೇಳಿದ್ದಾರೆ. ಭಾರತ ಮತ್ತು ಅಮೆರಿಕ ನಡುವಿನ ವ್ಯೂಹಾತ್ಮಕ ಸಂಬಂಧಗಳಿಗೆ ಈ ಒಪ್ಪಂದ ಹೊಸ ಶಕ್ತಿ ತುಂಬಲಿದೆ. ಉಭಯ ದೇಶಗಳ ವ್ಯಾಪಾರ ಮೌಲ್ಯ ದ್ವಿಗುಣಗೊಳ್ಳುವ ನಿರೀಕ್ಷೆ ಇದೆ ಎಂದು ವಾಣಿಜ್ಯ ತಜ್ಞರು ವಿಶ್ಲೇಷಿಸಿದ್ದಾರೆ. ಈ ಒಪ್ಪಂದ ಭಾರತದ ಕೃಷಿ ಮತ್ತು ಡೇರಿ ವಲಯಗಳಿಗೆ ರಕ್ಷಣೆ ನೀಡಿದೆ ಎಂದು ಅಧಿಕಾರಿಗಳು ತಿಳಿಸಿದ್ದಾರೆ.
Printed by : M. NAGARAJA,Published and Owned by : H. BABU, Printed at : MANJU MUDRANA ,Kunduvada Kere Road, Near Kadappa Bavi, Davangere -577006, Davangere
Dist, Karnataka Published at : At No .89, Marenahalli 577528, Jagalur Town, Davangere Dist, Karnataka. Editor : H. BABU.
